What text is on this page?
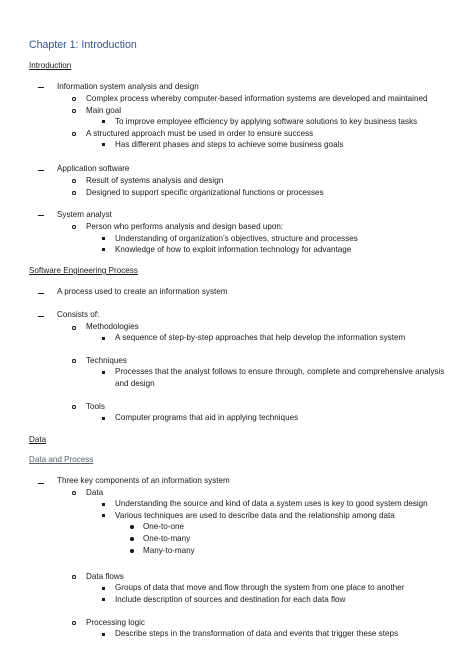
Chapter 1: Introduction
Introduction
Information system analysis and design
Complex process whereby computer-based information systems are developed and maintained
Main goal
To improve employee efficiency by applying software solutions to key business tasks
A structured approach must be used in order to ensure success
Has different phases and steps to achieve some business goals
Application software
Result of systems analysis and design
Designed to support specific organizational functions or processes
System analyst
Person who performs analysis and design based upon:
Understanding of organization’s objectives, structure and processes
Knowledge of how to exploit information technology for advantage
Software Engineering Process
A process used to create an information system
Consists of:
Methodologies
A sequence of step-by-step approaches that help develop the information system
Techniques
Processes that the analyst follows to ensure through, complete and comprehensive analysis
and design
Tools
Computer programs that aid in applying techniques
Data
Data and Process
Three key components of an information system
Data
Understanding the source and kind of data a system uses is key to good system design
Various techniques are used to describe data and the relationship among data
One-to-one
One-to-many
Many-to-many
Data flows
Groups of data that move and flow through the system from one place to another
Include description of sources and destination for each data flow
Processing logic
Describe steps in the transformation of data and events that trigger these steps
